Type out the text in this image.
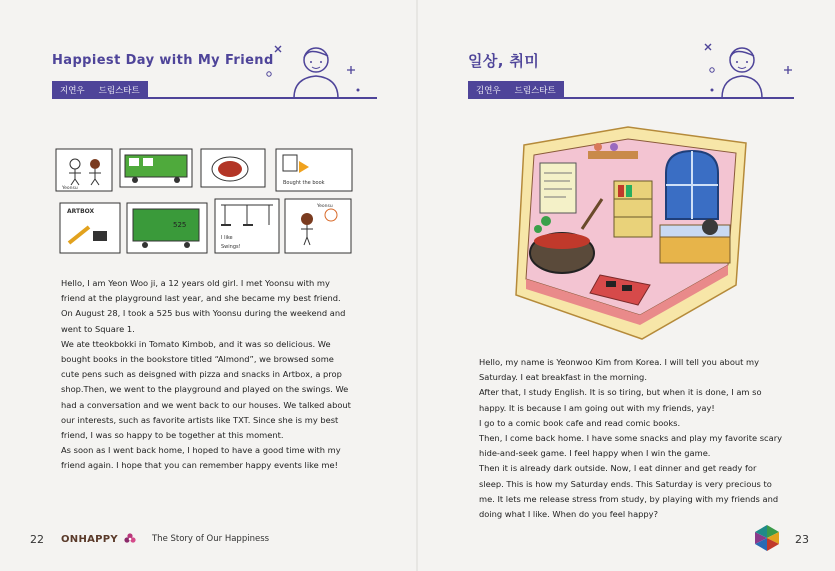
Happiest Day with My Friend
지연우 드림스타트
Yeonsu
Bought the book
ARTBOX
525
I like
Swings!
Yeonsu

Hello, I am Yeon Woo ji, a 12 years old girl. I met Yoonsu with my friend at the playground last year, and she became my best friend. On August 28, I took a 525 bus with Yoonsu during the weekend and went to Square 1.

We ate tteokbokki in Tomato Kimbob, and it was so delicious. We bought books in the bookstore titled “Almond”, we browsed some cute pens such as deisgned with pizza and snacks in Artbox, a prop shop.Then, we went to the playground and played on the swings. We had a conversation and we went back to our houses. We talked about our interests, such as favorite artists like TXT. Since she is my best friend, I was so happy to be together at this moment.

As soon as I went back home, I hoped to have a good time with my friend again. I hope that you can remember happy events like me!

22 ONHAPPY	The Story of Our Happiness
일상, 취미
김연우 드림스타트

Hello, my name is Yeonwoo Kim from Korea. I will tell you about my Saturday. I eat breakfast in the morning.

After that, I study English. It is so tiring, but when it is done, I am so happy. It is because I am going out with my friends, yay!

I go to a comic book cafe and read comic books.

Then, I come back home. I have some snacks and play my favorite scary hide-and-seek game. I feel happy when I win the game.

Then it is already dark outside. Now, I eat dinner and get ready for sleep. This is how my Saturday ends. This Saturday is very precious to me. It lets me release stress from study, by playing with my friends and doing what I like. When do you feel happy?

23
